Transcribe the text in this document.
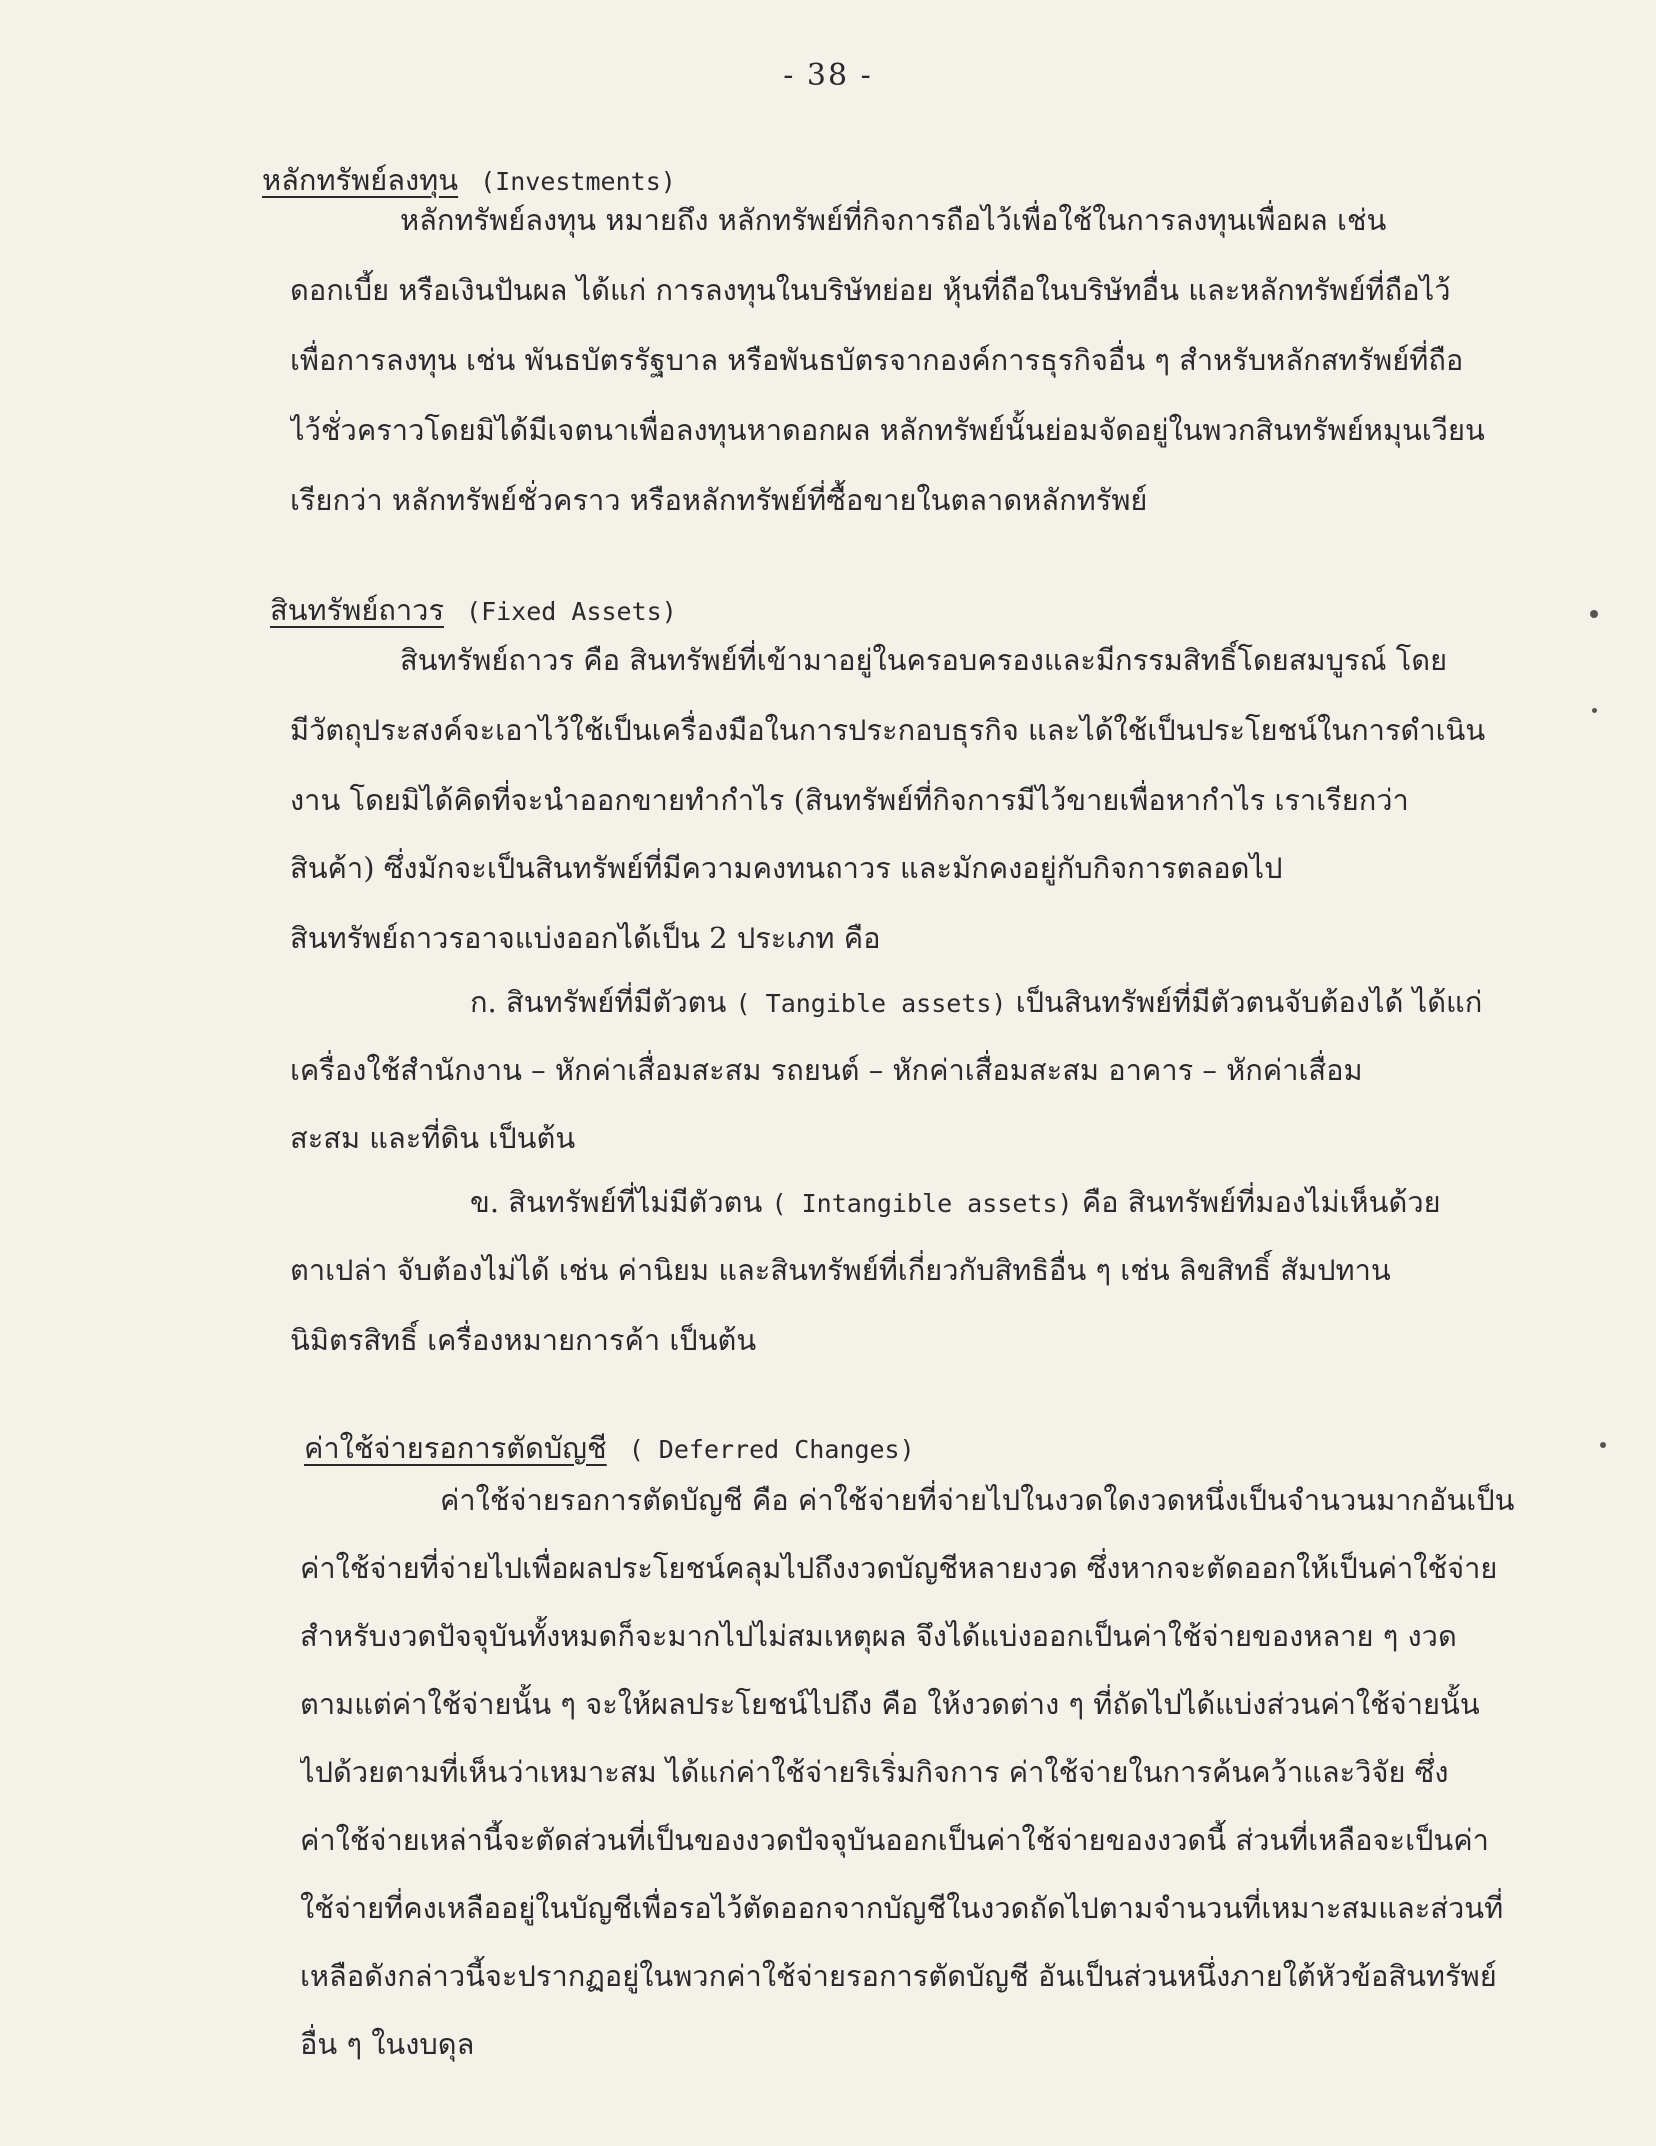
- 38 -
หลักทรัพย์ลงทุน (Investments)
หลักทรัพย์ลงทุน หมายถึง หลักทรัพย์ที่กิจการถือไว้เพื่อใช้ในการลงทุนเพื่อผล เช่น
ดอกเบี้ย หรือเงินปันผล ได้แก่ การลงทุนในบริษัทย่อย หุ้นที่ถือในบริษัทอื่น และหลักทรัพย์ที่ถือไว้
เพื่อการลงทุน เช่น พันธบัตรรัฐบาล หรือพันธบัตรจากองค์การธุรกิจอื่น ๆ สำหรับหลักสทรัพย์ที่ถือ
ไว้ชั่วคราวโดยมิได้มีเจตนาเพื่อลงทุนหาดอกผล หลักทรัพย์นั้นย่อมจัดอยู่ในพวกสินทรัพย์หมุนเวียน
เรียกว่า หลักทรัพย์ชั่วคราว หรือหลักทรัพย์ที่ซื้อขายในตลาดหลักทรัพย์
สินทรัพย์ถาวร (Fixed Assets)
สินทรัพย์ถาวร คือ สินทรัพย์ที่เข้ามาอยู่ในครอบครองและมีกรรมสิทธิ์โดยสมบูรณ์ โดย
มีวัตถุประสงค์จะเอาไว้ใช้เป็นเครื่องมือในการประกอบธุรกิจ และได้ใช้เป็นประโยชน์ในการดำเนิน
งาน โดยมิได้คิดที่จะนำออกขายทำกำไร (สินทรัพย์ที่กิจการมีไว้ขายเพื่อหากำไร เราเรียกว่า
สินค้า) ซึ่งมักจะเป็นสินทรัพย์ที่มีความคงทนถาวร และมักคงอยู่กับกิจการตลอดไป
สินทรัพย์ถาวรอาจแบ่งออกได้เป็น 2 ประเภท คือ
ก. สินทรัพย์ที่มีตัวตน ( Tangible assets) เป็นสินทรัพย์ที่มีตัวตนจับต้องได้ ได้แก่
เครื่องใช้สำนักงาน – หักค่าเสื่อมสะสม รถยนต์ – หักค่าเสื่อมสะสม อาคาร – หักค่าเสื่อม
สะสม และที่ดิน เป็นต้น
ข. สินทรัพย์ที่ไม่มีตัวตน ( Intangible assets) คือ สินทรัพย์ที่มองไม่เห็นด้วย
ตาเปล่า จับต้องไม่ได้ เช่น ค่านิยม และสินทรัพย์ที่เกี่ยวกับสิทธิอื่น ๆ เช่น ลิขสิทธิ์ สัมปทาน
นิมิตรสิทธิ์ เครื่องหมายการค้า เป็นต้น
ค่าใช้จ่ายรอการตัดบัญชี ( Deferred Changes)
ค่าใช้จ่ายรอการตัดบัญชี คือ ค่าใช้จ่ายที่จ่ายไปในงวดใดงวดหนึ่งเป็นจำนวนมากอันเป็น
ค่าใช้จ่ายที่จ่ายไปเพื่อผลประโยชน์คลุมไปถึงงวดบัญชีหลายงวด ซึ่งหากจะตัดออกให้เป็นค่าใช้จ่าย
สำหรับงวดปัจจุบันทั้งหมดก็จะมากไปไม่สมเหตุผล จึงได้แบ่งออกเป็นค่าใช้จ่ายของหลาย ๆ งวด
ตามแต่ค่าใช้จ่ายนั้น ๆ จะให้ผลประโยชน์ไปถึง คือ ให้งวดต่าง ๆ ที่ถัดไปได้แบ่งส่วนค่าใช้จ่ายนั้น
ไปด้วยตามที่เห็นว่าเหมาะสม ได้แก่ค่าใช้จ่ายริเริ่มกิจการ ค่าใช้จ่ายในการค้นคว้าและวิจัย ซึ่ง
ค่าใช้จ่ายเหล่านี้จะตัดส่วนที่เป็นของงวดปัจจุบันออกเป็นค่าใช้จ่ายของงวดนี้ ส่วนที่เหลือจะเป็นค่า
ใช้จ่ายที่คงเหลืออยู่ในบัญชีเพื่อรอไว้ตัดออกจากบัญชีในงวดถัดไปตามจำนวนที่เหมาะสมและส่วนที่
เหลือดังกล่าวนี้จะปรากฏอยู่ในพวกค่าใช้จ่ายรอการตัดบัญชี อันเป็นส่วนหนึ่งภายใต้หัวข้อสินทรัพย์
อื่น ๆ ในงบดุล
